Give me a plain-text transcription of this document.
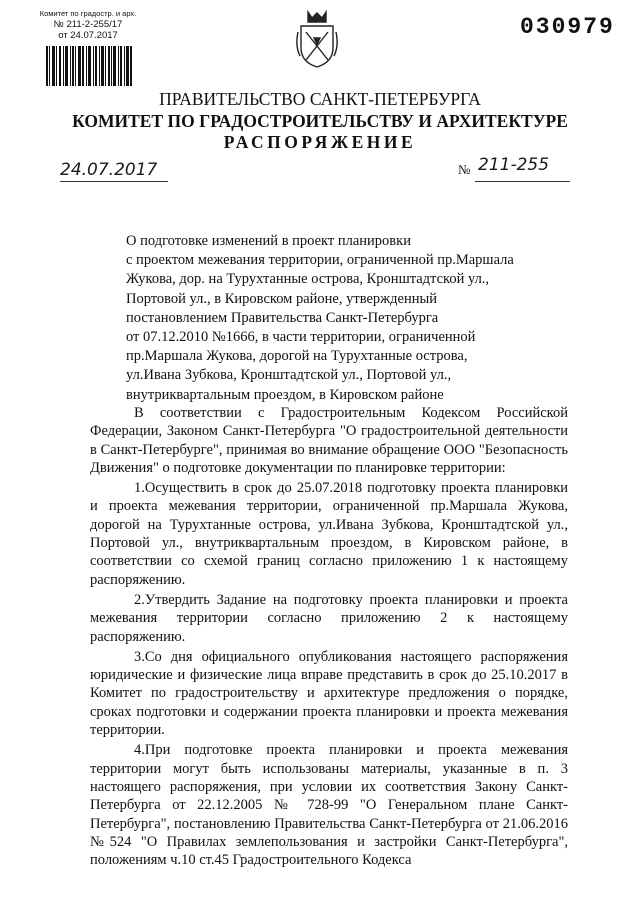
Комитет по градостр. и арх.
№ 211-2-255/17
от 24.07.2017	030979
ПРАВИТЕЛЬСТВО САНКТ-ПЕТЕРБУРГА
КОМИТЕТ ПО ГРАДОСТРОИТЕЛЬСТВУ И АРХИТЕКТУРЕ
РАСПОРЯЖЕНИЕ
24.07.2017	№ 211-255
О подготовке изменений в проект планировки
с проектом межевания территории, ограниченной пр.Маршала
Жукова, дор. на Турухтанные острова, Кронштадтской ул.,
Портовой ул., в Кировском районе, утвержденный
постановлением Правительства Санкт-Петербурга
от 07.12.2010 №1666, в части территории, ограниченной
пр.Маршала Жукова, дорогой на Турухтанные острова,
ул.Ивана Зубкова, Кронштадтской ул., Портовой ул.,
внутриквартальным проездом, в Кировском районе

В соответствии с Градостроительным Кодексом Российской Федерации, Законом Санкт-Петербурга "О градостроительной деятельности в Санкт-Петербурге", принимая во внимание обращение ООО "Безопасность Движения" о подготовке документации по планировке территории:

1.Осуществить в срок до 25.07.2018 подготовку проекта планировки и проекта межевания территории, ограниченной пр.Маршала Жукова, дорогой на Турухтанные острова, ул.Ивана Зубкова, Кронштадтской ул., Портовой ул., внутриквартальным проездом, в Кировском районе, в соответствии со схемой границ согласно приложению 1 к настоящему распоряжению.

2.Утвердить Задание на подготовку проекта планировки и проекта межевания территории согласно приложению 2 к настоящему распоряжению.

3.Со дня официального опубликования настоящего распоряжения юридические и физические лица вправе представить в срок до 25.10.2017 в Комитет по градостроительству и архитектуре предложения о порядке, сроках подготовки и содержании проекта планировки и проекта межевания территории.

4.При подготовке проекта планировки и проекта межевания территории могут быть использованы материалы, указанные в п. 3 настоящего распоряжения, при условии их соответствия Закону Санкт-Петербурга от 22.12.2005 № 728-99 "О Генеральном плане Санкт-Петербурга", постановлению Правительства Санкт-Петербурга от 21.06.2016 №524 "О Правилах землепользования и застройки Санкт-Петербурга", положениям ч.10 ст.45 Градостроительного Кодекса
